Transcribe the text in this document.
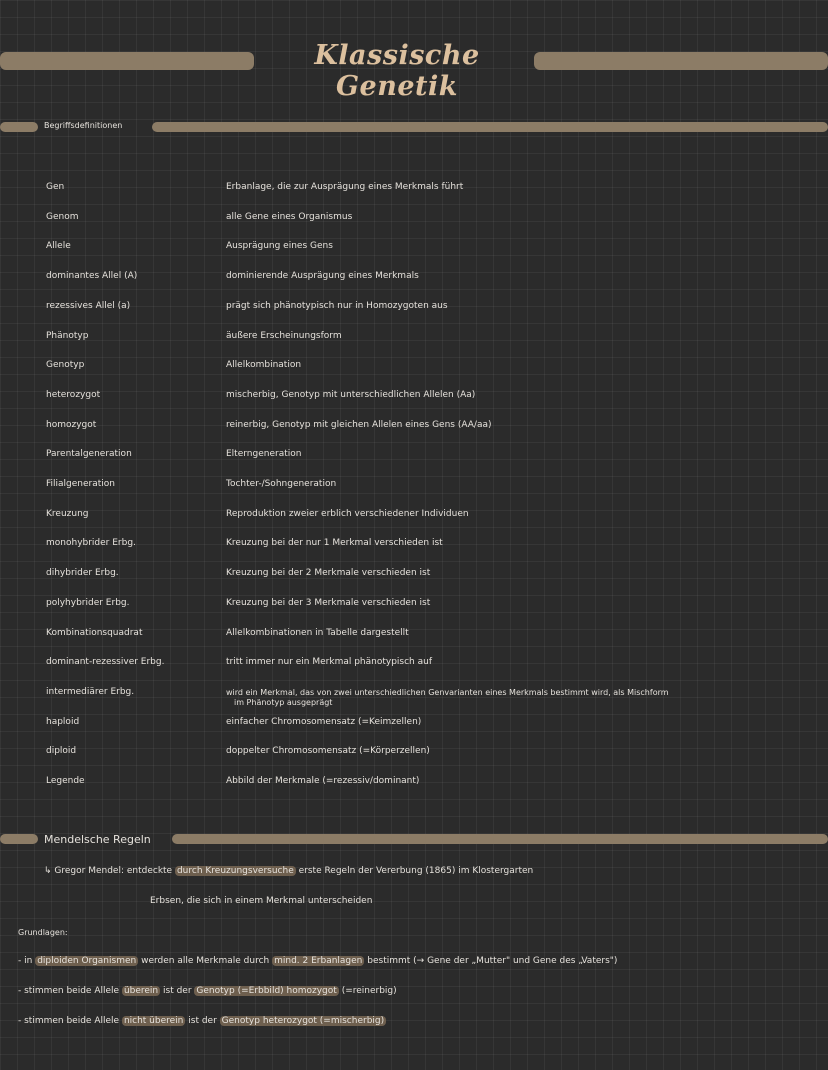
Klassische Genetik
Begriffsdefinitionen
Gen	Erbanlage, die zur Ausprägung eines Merkmals führt
Genom	alle Gene eines Organismus
Allele	Ausprägung eines Gens
dominantes Allel (A)	dominierende Ausprägung eines Merkmals
rezessives Allel (a)	prägt sich phänotypisch nur in Homozygoten aus
Phänotyp	äußere Erscheinungsform
Genotyp	Allelkombination
heterozygot	mischerbig, Genotyp mit unterschiedlichen Allelen (Aa)
homozygot	reinerbig, Genotyp mit gleichen Allelen eines Gens (AA/aa)
Parentalgeneration	Elterngeneration
Filialgeneration	Tochter-/Sohngeneration
Kreuzung	Reproduktion zweier erblich verschiedener Individuen
monohybrider Erbg.	Kreuzung bei der nur 1 Merkmal verschieden ist
dihybrider Erbg.	Kreuzung bei der 2 Merkmale verschieden ist
polyhybrider Erbg.	Kreuzung bei der 3 Merkmale verschieden ist
Kombinationsquadrat	Allelkombinationen in Tabelle dargestellt
dominant-rezessiver Erbg.	tritt immer nur ein Merkmal phänotypisch auf
intermediärer Erbg.	wird ein Merkmal, das von zwei unterschiedlichen Genvarianten eines Merkmals bestimmt wird, als Mischform
im Phänotyp ausgeprägt
haploid	einfacher Chromosomensatz (=Keimzellen)
diploid	doppelter Chromosomensatz (=Körperzellen)
Legende	Abbild der Merkmale (=rezessiv/dominant)
Mendelsche Regeln
↳ Gregor Mendel: entdeckte durch Kreuzungsversuche erste Regeln der Vererbung (1865) im Klostergarten
Erbsen, die sich in einem Merkmal unterscheiden
Grundlagen:
- in diploiden Organismen werden alle Merkmale durch mind. 2 Erbanlagen bestimmt (→ Gene der „Mutter" und Gene des „Vaters")
- stimmen beide Allele überein ist der Genotyp (=Erbbild) homozygot (=reinerbig)
- stimmen beide Allele nicht überein ist der Genotyp heterozygot (=mischerbig)
